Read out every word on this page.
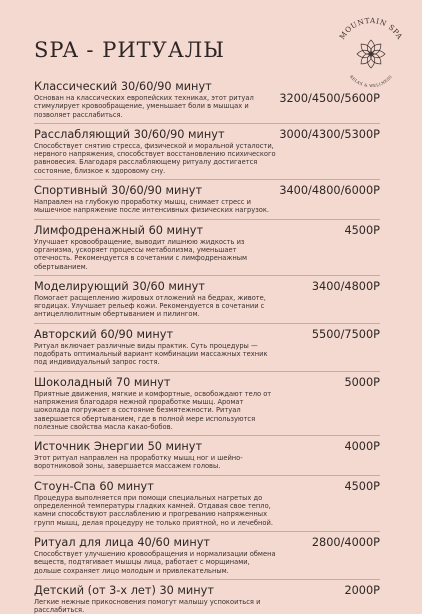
SPA - РИТУАЛЫ
MOUNTAIN SPA
RELAX & WELLNESS
3200/4500/5600Р
Классический 30/60/90 минут
Основан на классических европейских техниках, этот ритуал стимулирует кровообращение, уменьшает боли в мышцах и позволяет расслабиться.
3000/4300/5300Р
Расслабляющий 30/60/90 минут
Способствует снятию стресса, физической и моральной усталости, нервного напряжения, способствует восстановлению психического равновесия. Благодаря расслабляющему ритуалу достигается состояние, близкое к здоровому сну.
3400/4800/6000Р
Спортивный 30/60/90 минут
Направлен на глубокую проработку мышц, снимает стресс и мышечное напряжение после интенсивных физических нагрузок.
4500Р
Лимфодренажный 60 минут
Улучшает кровообращение, выводит лишнюю жидкость из организма, ускоряет процессы метаболизма, уменьшает отечность. Рекомендуется в сочетании с лимфодренажным обертыванием.
3400/4800Р
Моделирующий 30/60 минут
Помогает расщеплению жировых отложений на бедрах, животе, ягодицах. Улучшает рельеф кожи. Рекомендуется в сочетании с антицеллюлитным обертыванием и пилингом.
5500/7500Р
Авторский 60/90 минут
Ритуал включает различные виды практик. Суть процедуры — подобрать оптимальный вариант комбинации массажных техник под индивидуальный запрос гостя.
5000Р
Шоколадный 70 минут
Приятные движения, мягкие и комфортные, освобождают тело от напряжения благодаря нежной проработке мышц. Аромат шоколада погружает в состояние безмятежности. Ритуал завершается обертыванием, где в полной мере используются полезные свойства масла какао-бобов.
4000Р
Источник Энергии 50 минут
Этот ритуал направлен на проработку мышц ног и шейно-воротниковой зоны, завершается массажем головы.
4500Р
Стоун-Спа 60 минут
Процедура выполняется при помощи специальных нагретых до определенной температуры гладких камней. Отдавая свое тепло, камни способствуют расслаблению и прогреванию напряженных групп мышц, делая процедуру не только приятной, но и лечебной.
2800/4000Р
Ритуал для лица 40/60 минут
Способствует улучшению кровообращения и нормализации обмена веществ, подтягивает мышцы лица, работает с морщинами, дольше сохраняет лицо молодым и привлекательным.
2000Р
Детский (от 3-х лет) 30 минут
Легкие нежные прикосновения помогут малышу успокоиться и расслабиться.
